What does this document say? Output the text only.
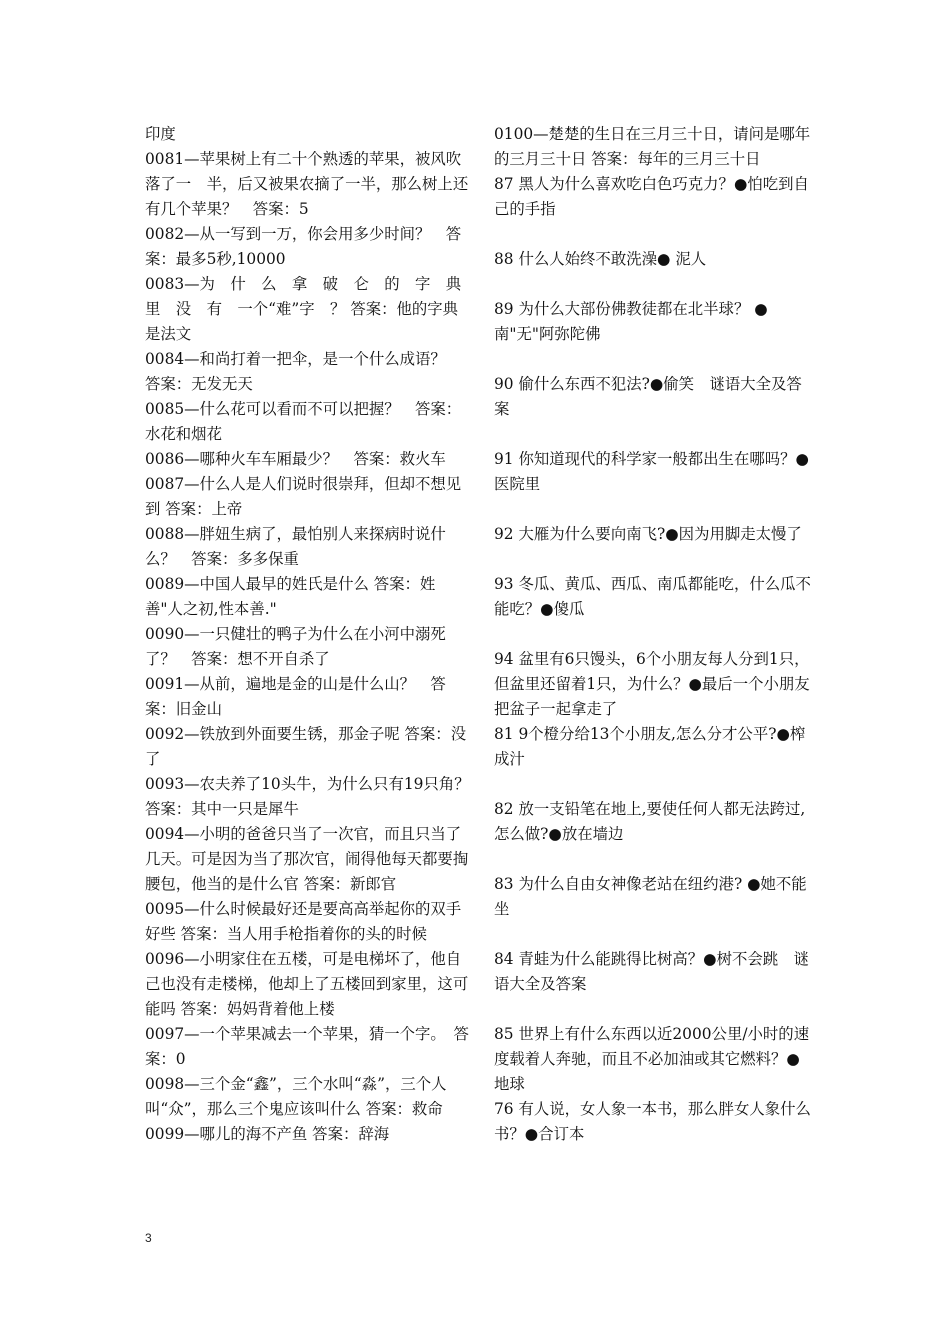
印度

0081—苹果树上有二十个熟透的苹果，被风吹落了一　半，后又被果农摘了一半，那么树上还有几个苹果？　答案：5

0082—从一写到一万，你会用多少时间？　答案：最多5秒,10000

0083—为　什　么　拿　破　仑　的　字　典　里　没　有　一个“难”字　？ 答案：他的字典是法文

0084—和尚打着一把伞，是一个什么成语？　答案：无发无天

0085—什么花可以看而不可以把握？　答案：水花和烟花

0086—哪种火车车厢最少？　答案：救火车

0087—什么人是人们说时很崇拜，但却不想见到 答案：上帝

0088—胖妞生病了，最怕别人来探病时说什么？　答案：多多保重

0089—中国人最早的姓氏是什么 答案：姓善"人之初,性本善."

0090—一只健壮的鸭子为什么在小河中溺死了？　答案：想不开自杀了

0091—从前，遍地是金的山是什么山？　答案：旧金山

0092—铁放到外面要生锈，那金子呢 答案：没了

0093—农夫养了10头牛，为什么只有19只角？　答案：其中一只是犀牛

0094—小明的爸爸只当了一次官，而且只当了几天。可是因为当了那次官，闹得他每天都要掏腰包，他当的是什么官 答案：新郎官

0095—什么时候最好还是要高高举起你的双手好些 答案：当人用手枪指着你的头的时候

0096—小明家住在五楼，可是电梯坏了，他自己也没有走楼梯，他却上了五楼回到家里，这可能吗 答案：妈妈背着他上楼

0097—一个苹果减去一个苹果，猜一个字。　答案：0

0098—三个金“鑫”，三个水叫“淼”，三个人叫“众”，那么三个鬼应该叫什么 答案：救命

0099—哪儿的海不产鱼 答案：辞海

0100—楚楚的生日在三月三十日，请问是哪年的三月三十日 答案：每年的三月三十日

87 黑人为什么喜欢吃白色巧克力？●怕吃到自己的手指

88 什么人始终不敢洗澡● 泥人

89 为什么大部份佛教徒都在北半球？ ●南"无"阿弥陀佛

90 偷什么东西不犯法?●偷笑　谜语大全及答案

91 你知道现代的科学家一般都出生在哪吗？●医院里

92 大雁为什么要向南飞?●因为用脚走太慢了

93 冬瓜、黄瓜、西瓜、南瓜都能吃，什么瓜不能吃？●傻瓜

94 盆里有6只馒头，6个小朋友每人分到1只，但盆里还留着1只，为什么？●最后一个小朋友把盆子一起拿走了

81 9个橙分给13个小朋友,怎么分才公平?●榨成汁

82 放一支铅笔在地上,要使任何人都无法跨过,怎么做?●放在墙边

83 为什么自由女神像老站在纽约港? ●她不能坐

84 青蛙为什么能跳得比树高？●树不会跳　谜语大全及答案

85 世界上有什么东西以近2000公里/小时的速度载着人奔驰，而且不必加油或其它燃料？●地球

76 有人说，女人象一本书，那么胖女人象什么书？●合订本

3
